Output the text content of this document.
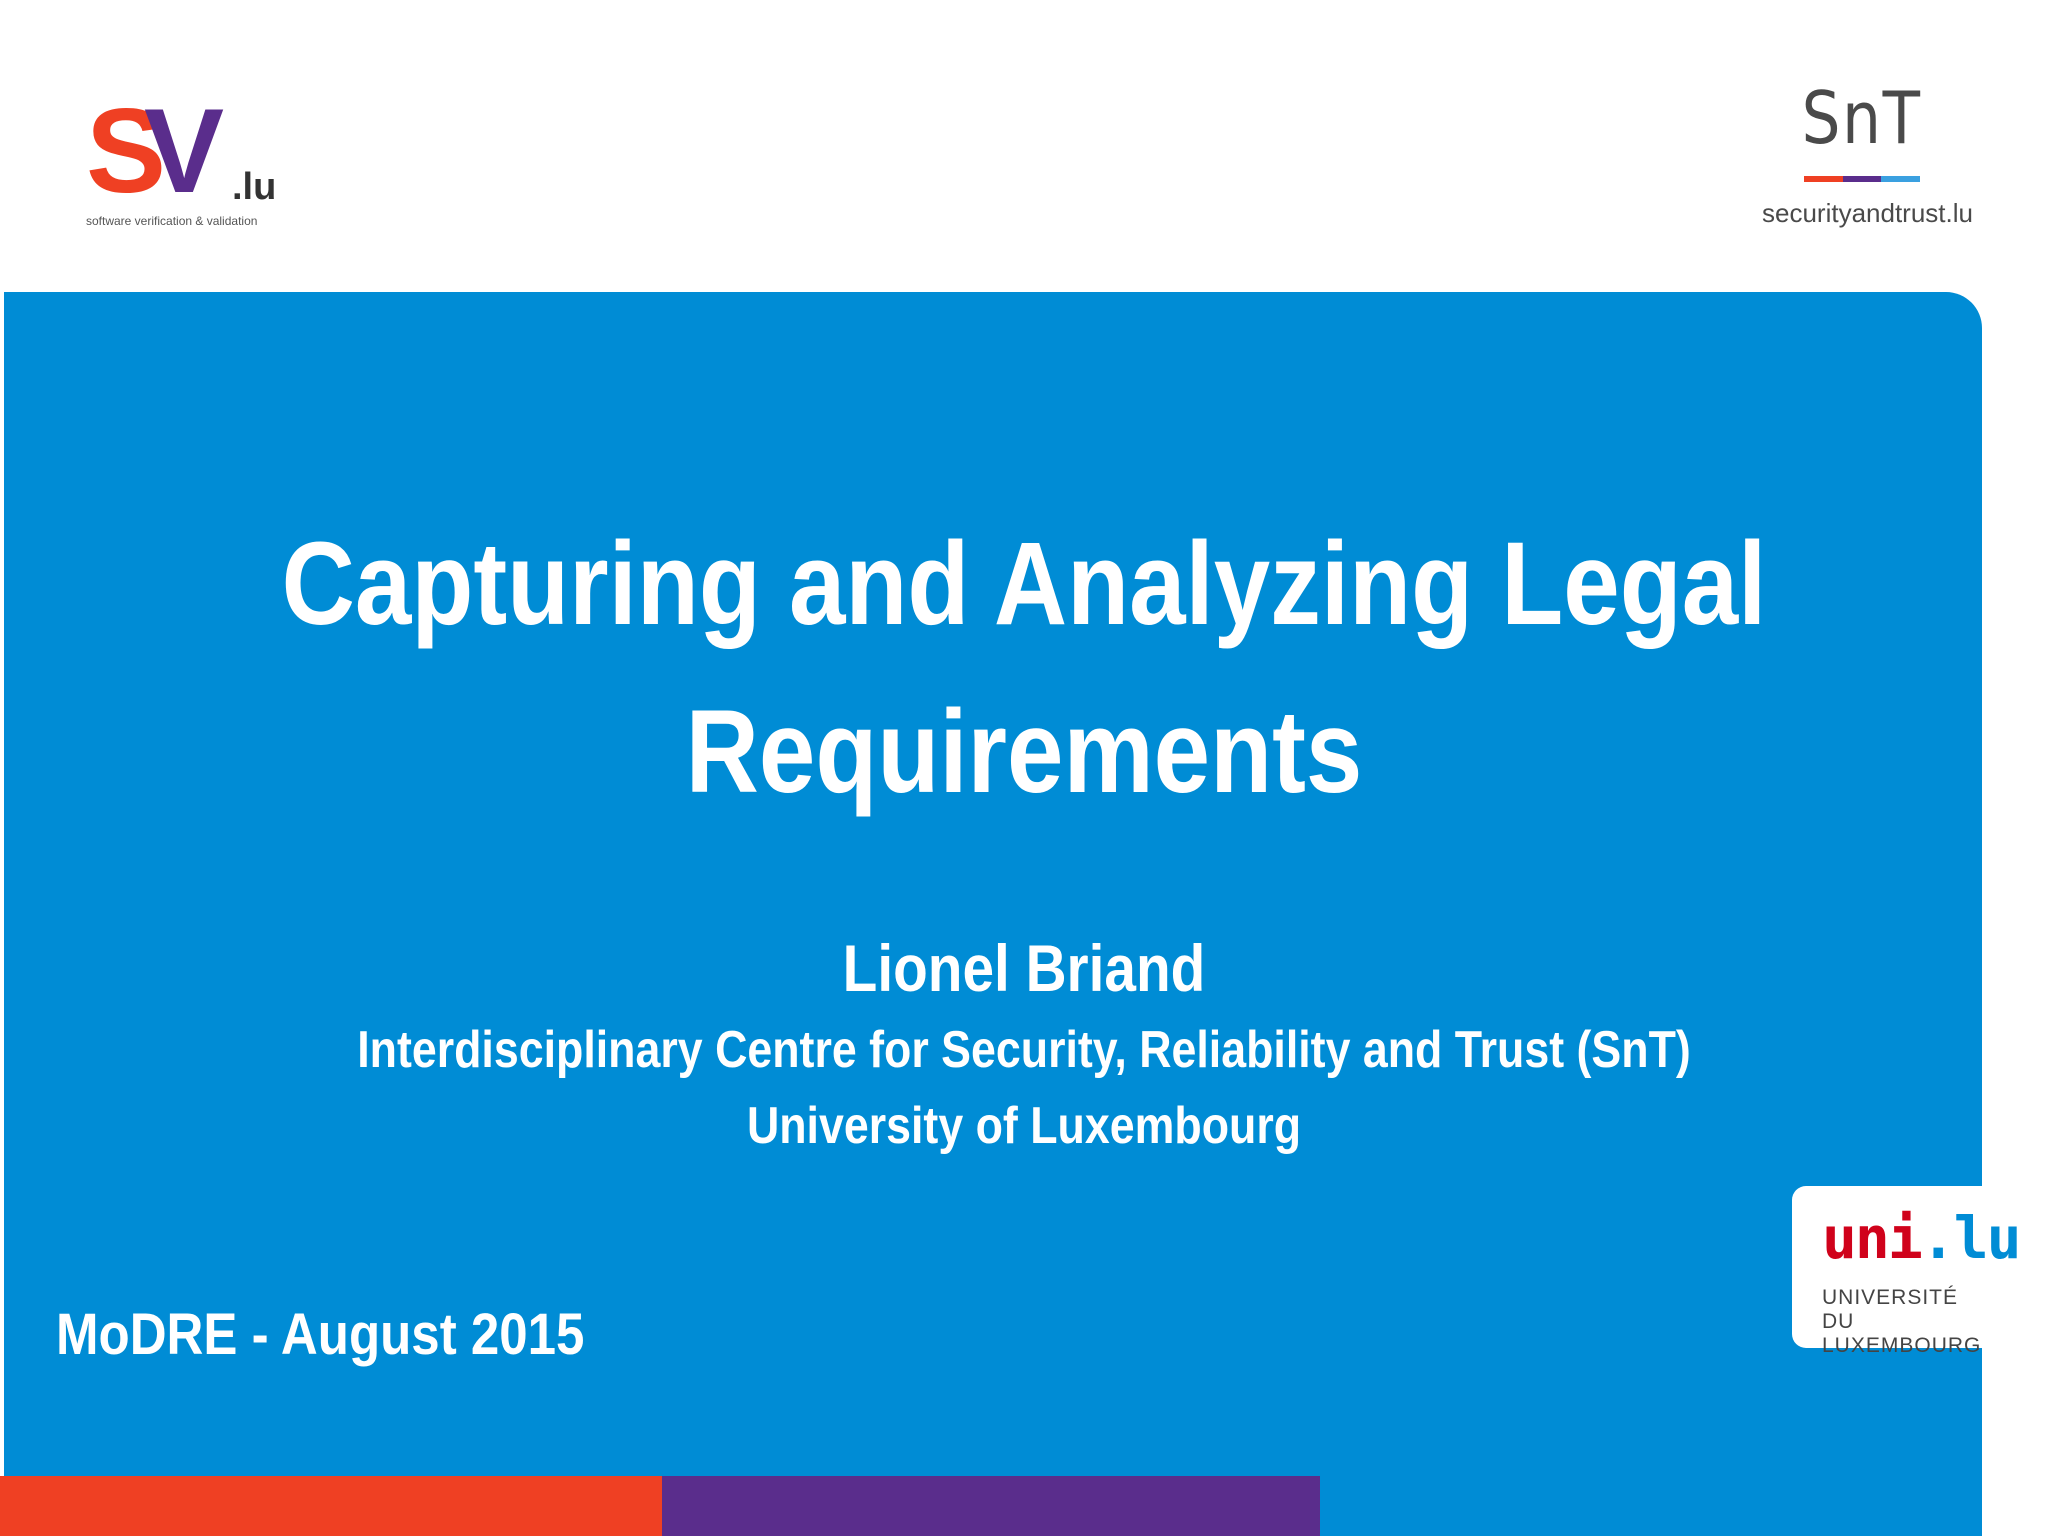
S
V .lu
software verification & validation
SnT
securityandtrust.lu
Capturing and Analyzing Legal
Requirements
Lionel Briand
Interdisciplinary Centre for Security, Reliability and Trust (SnT)
University of Luxembourg
MoDRE - August 2015
uni.lu
UNIVERSITÉ DU
LUXEMBOURG
